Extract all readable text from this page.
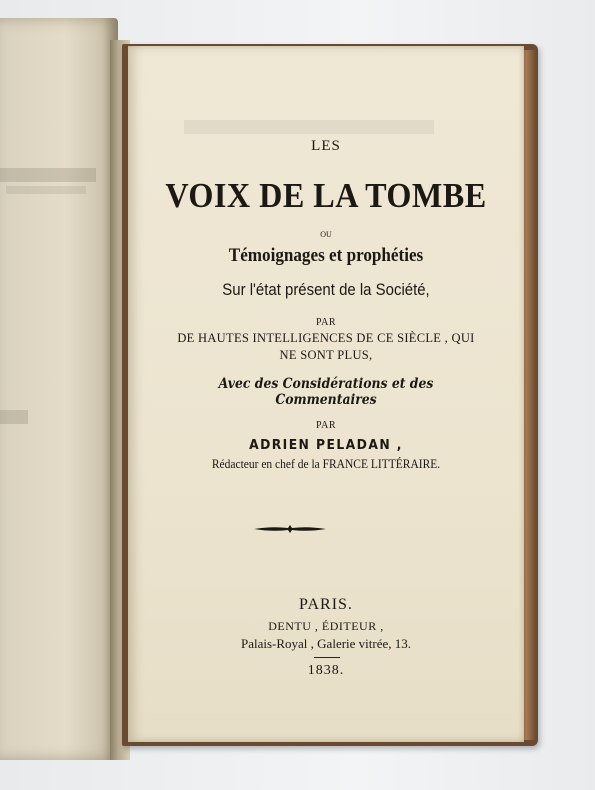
LES
VOIX DE LA TOMBE
ou
Témoignages et prophéties
Sur l'état présent de la Société,
PAR
DE HAUTES INTELLIGENCES DE CE SIÈCLE , QUI
NE SONT PLUS,
Avec des Considérations et des
Commentaires
PAR
ADRIEN PELADAN ,
Rédacteur en chef de la FRANCE LITTÉRAIRE.
PARIS.
DENTU , ÉDITEUR ,
Palais-Royal , Galerie vitrée, 13.
1838.
